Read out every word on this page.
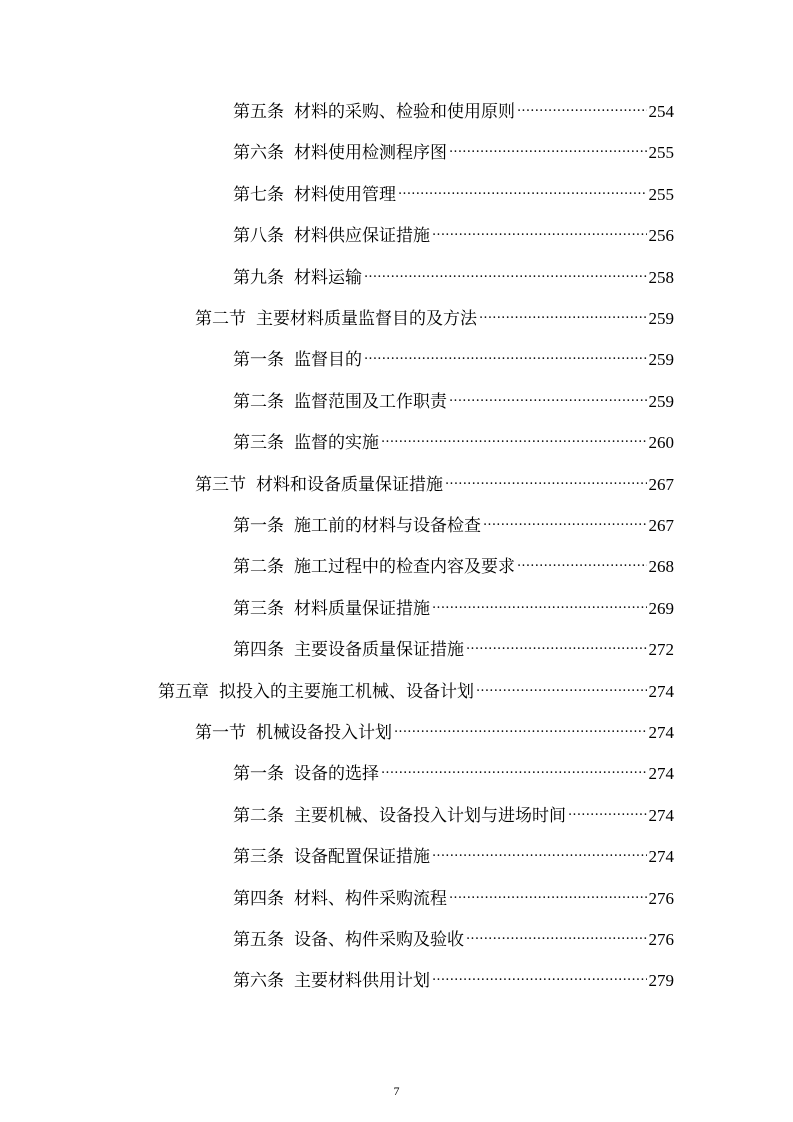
第五条 材料的采购、检验和使用原则 .....	254
第六条 材料使用检测程序图 .....	255
第七条 材料使用管理 .....	255
第八条 材料供应保证措施 .....	256
第九条 材料运输 .....	258
第二节 主要材料质量监督目的及方法 .....	259
第一条 监督目的 .....	259
第二条 监督范围及工作职责 .....	259
第三条 监督的实施 .....	260
第三节 材料和设备质量保证措施 .....	267
第一条 施工前的材料与设备检查 .....	267
第二条 施工过程中的检查内容及要求 .....	268
第三条 材料质量保证措施 .....	269
第四条 主要设备质量保证措施 .....	272
第五章 拟投入的主要施工机械、设备计划 .....	274
第一节 机械设备投入计划 .....	274
第一条 设备的选择 .....	274
第二条 主要机械、设备投入计划与进场时间 .....	274
第三条 设备配置保证措施 .....	274
第四条 材料、构件采购流程 .....	276
第五条 设备、构件采购及验收 .....	276
第六条 主要材料供用计划 .....	279
7
